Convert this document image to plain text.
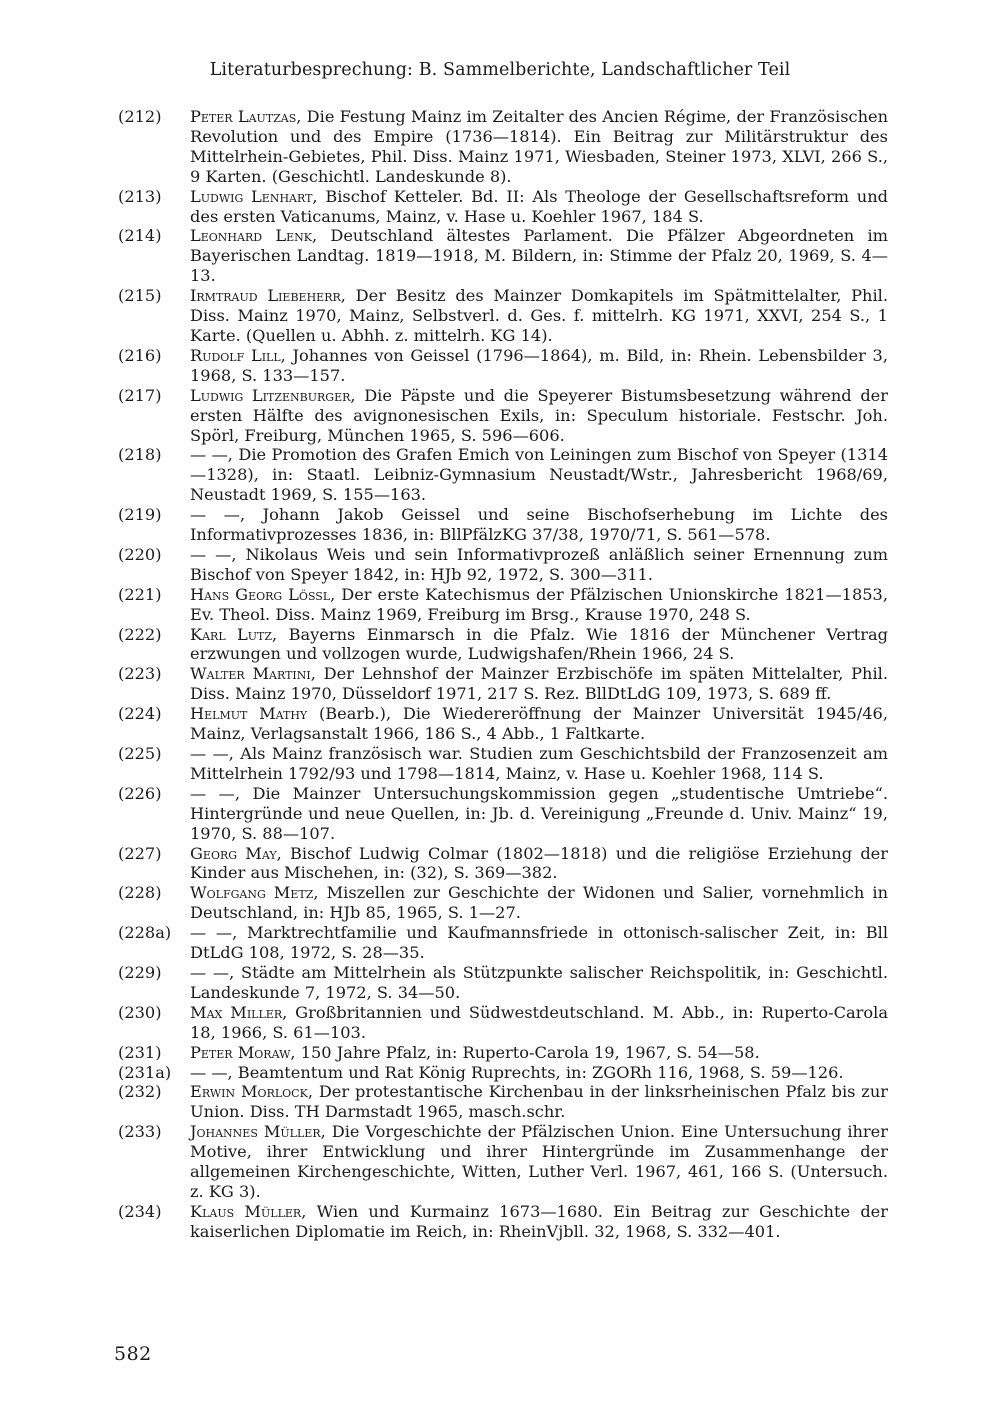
Literaturbesprechung: B. Sammelberichte, Landschaftlicher Teil
(212) Peter Lautzas, Die Festung Mainz im Zeitalter des Ancien Régime, der Französischen Revolution und des Empire (1736—1814). Ein Beitrag zur Militärstruktur des Mittelrhein-Gebietes, Phil. Diss. Mainz 1971, Wiesbaden, Steiner 1973, XLVI, 266 S., 9 Karten. (Geschichtl. Landeskunde 8).
(213) Ludwig Lenhart, Bischof Ketteler. Bd. II: Als Theologe der Gesellschaftsreform und des ersten Vaticanums, Mainz, v. Hase u. Koehler 1967, 184 S.
(214) Leonhard Lenk, Deutschland ältestes Parlament. Die Pfälzer Abgeordneten im Bayerischen Landtag. 1819—1918, M. Bildern, in: Stimme der Pfalz 20, 1969, S. 4—13.
(215) Irmtraud Liebeherr, Der Besitz des Mainzer Domkapitels im Spätmittelalter, Phil. Diss. Mainz 1970, Mainz, Selbstverl. d. Ges. f. mittelrh. KG 1971, XXVI, 254 S., 1 Karte. (Quellen u. Abhh. z. mittelrh. KG 14).
(216) Rudolf Lill, Johannes von Geissel (1796—1864), m. Bild, in: Rhein. Lebensbilder 3, 1968, S. 133—157.
(217) Ludwig Litzenburger, Die Päpste und die Speyerer Bistumsbesetzung während der ersten Hälfte des avignonesischen Exils, in: Speculum historiale. Festschr. Joh. Spörl, Freiburg, München 1965, S. 596—606.
(218) — —, Die Promotion des Grafen Emich von Leiningen zum Bischof von Speyer (1314—1328), in: Staatl. Leibniz-Gymnasium Neustadt/Wstr., Jahresbericht 1968/69, Neustadt 1969, S. 155—163.
(219) — —, Johann Jakob Geissel und seine Bischofserhebung im Lichte des Informativprozesses 1836, in: BllPfälzKG 37/38, 1970/71, S. 561—578.
(220) — —, Nikolaus Weis und sein Informativprozeß anläßlich seiner Ernennung zum Bischof von Speyer 1842, in: HJb 92, 1972, S. 300—311.
(221) Hans Georg Lössl, Der erste Katechismus der Pfälzischen Unionskirche 1821—1853, Ev. Theol. Diss. Mainz 1969, Freiburg im Brsg., Krause 1970, 248 S.
(222) Karl Lutz, Bayerns Einmarsch in die Pfalz. Wie 1816 der Münchener Vertrag erzwungen und vollzogen wurde, Ludwigshafen/Rhein 1966, 24 S.
(223) Walter Martini, Der Lehnshof der Mainzer Erzbischöfe im späten Mittelalter, Phil. Diss. Mainz 1970, Düsseldorf 1971, 217 S. Rez. BllDtLdG 109, 1973, S. 689 ff.
(224) Helmut Mathy (Bearb.), Die Wiedereröffnung der Mainzer Universität 1945/46, Mainz, Verlagsanstalt 1966, 186 S., 4 Abb., 1 Faltkarte.
(225) — —, Als Mainz französisch war. Studien zum Geschichtsbild der Franzosenzeit am Mittelrhein 1792/93 und 1798—1814, Mainz, v. Hase u. Koehler 1968, 114 S.
(226) — —, Die Mainzer Untersuchungskommission gegen „studentische Umtriebe“. Hintergründe und neue Quellen, in: Jb. d. Vereinigung „Freunde d. Univ. Mainz“ 19, 1970, S. 88—107.
(227) Georg May, Bischof Ludwig Colmar (1802—1818) und die religiöse Erziehung der Kinder aus Mischehen, in: (32), S. 369—382.
(228) Wolfgang Metz, Miszellen zur Geschichte der Widonen und Salier, vornehmlich in Deutschland, in: HJb 85, 1965, S. 1—27.
(228a) — —, Marktrechtfamilie und Kaufmannsfriede in ottonisch-salischer Zeit, in: Bll DtLdG 108, 1972, S. 28—35.
(229) — —, Städte am Mittelrhein als Stützpunkte salischer Reichspolitik, in: Geschichtl. Landeskunde 7, 1972, S. 34—50.
(230) Max Miller, Großbritannien und Südwestdeutschland. M. Abb., in: Ruperto-Carola 18, 1966, S. 61—103.
(231) Peter Moraw, 150 Jahre Pfalz, in: Ruperto-Carola 19, 1967, S. 54—58.
(231a) — —, Beamtentum und Rat König Ruprechts, in: ZGORh 116, 1968, S. 59—126.
(232) Erwin Morlock, Der protestantische Kirchenbau in der linksrheinischen Pfalz bis zur Union. Diss. TH Darmstadt 1965, masch.schr.
(233) Johannes Müller, Die Vorgeschichte der Pfälzischen Union. Eine Untersuchung ihrer Motive, ihrer Entwicklung und ihrer Hintergründe im Zusammenhange der allgemeinen Kirchengeschichte, Witten, Luther Verl. 1967, 461, 166 S. (Untersuch. z. KG 3).
(234) Klaus Müller, Wien und Kurmainz 1673—1680. Ein Beitrag zur Geschichte der kaiserlichen Diplomatie im Reich, in: RheinVjbll. 32, 1968, S. 332—401.
582
